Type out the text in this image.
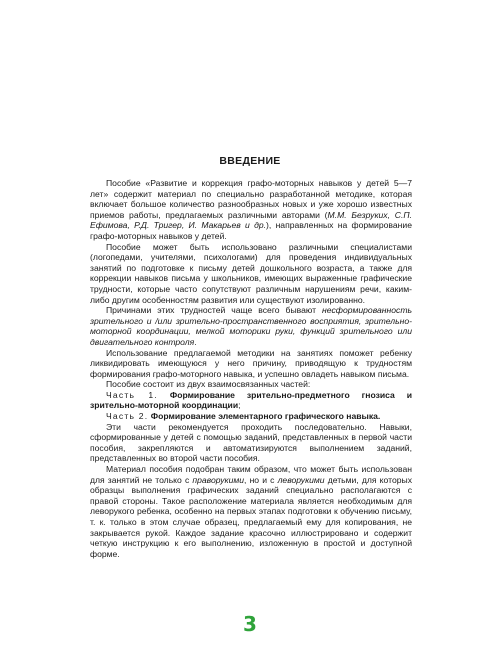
ВВЕДЕНИЕ

Пособие «Развитие и коррекция графо-моторных навыков у детей 5—7 лет» содержит материал по специально разработанной методике, которая включает большое количество разнообразных новых и уже хорошо известных приемов работы, предлагаемых различными авторами (М.М. Безруких, С.П. Ефимова, Р.Д. Тригер, И. Макарьев и др.), направленных на формирование графо-моторных навыков у детей.

Пособие может быть использовано различными специалистами (логопедами, учителями, психологами) для проведения индивидуальных занятий по подготовке к письму детей дошкольного возраста, а также для коррекции навыков письма у школьников, имеющих выраженные графические трудности, которые часто сопутствуют различным нарушениям речи, каким-либо другим особенностям развития или существуют изолированно.

Причинами этих трудностей чаще всего бывают несформированность зрительного и /или зрительно-пространственного восприятия, зрительно-моторной координации, мелкой моторики руки, функций зрительного или двигательного контроля.

Использование предлагаемой методики на занятиях поможет ребенку ликвидировать имеющуюся у него причину, приводящую к трудностям формирования графо-моторного навыка, и успешно овладеть навыком письма.

Пособие состоит из двух взаимосвязанных частей:

Часть 1. Формирование зрительно-предметного гнозиса и зрительно-моторной координации;

Часть 2. Формирование элементарного графического навыка.

Эти части рекомендуется проходить последовательно. Навыки, сформированные у детей с помощью заданий, представленных в первой части пособия, закрепляются и автоматизируются выполнением заданий, представленных во второй части пособия.

Материал пособия подобран таким образом, что может быть использован для занятий не только с праворукими, но и с леворукими детьми, для которых образцы выполнения графических заданий специально располагаются с правой стороны. Такое расположение материала является необходимым для леворукого ребенка, особенно на первых этапах подготовки к обучению письму, т. к. только в этом случае образец, предлагаемый ему для копирования, не закрывается рукой. Каждое задание красочно иллюстрировано и содержит четкую инструкцию к его выполнению, изложенную в простой и доступной форме.

3
